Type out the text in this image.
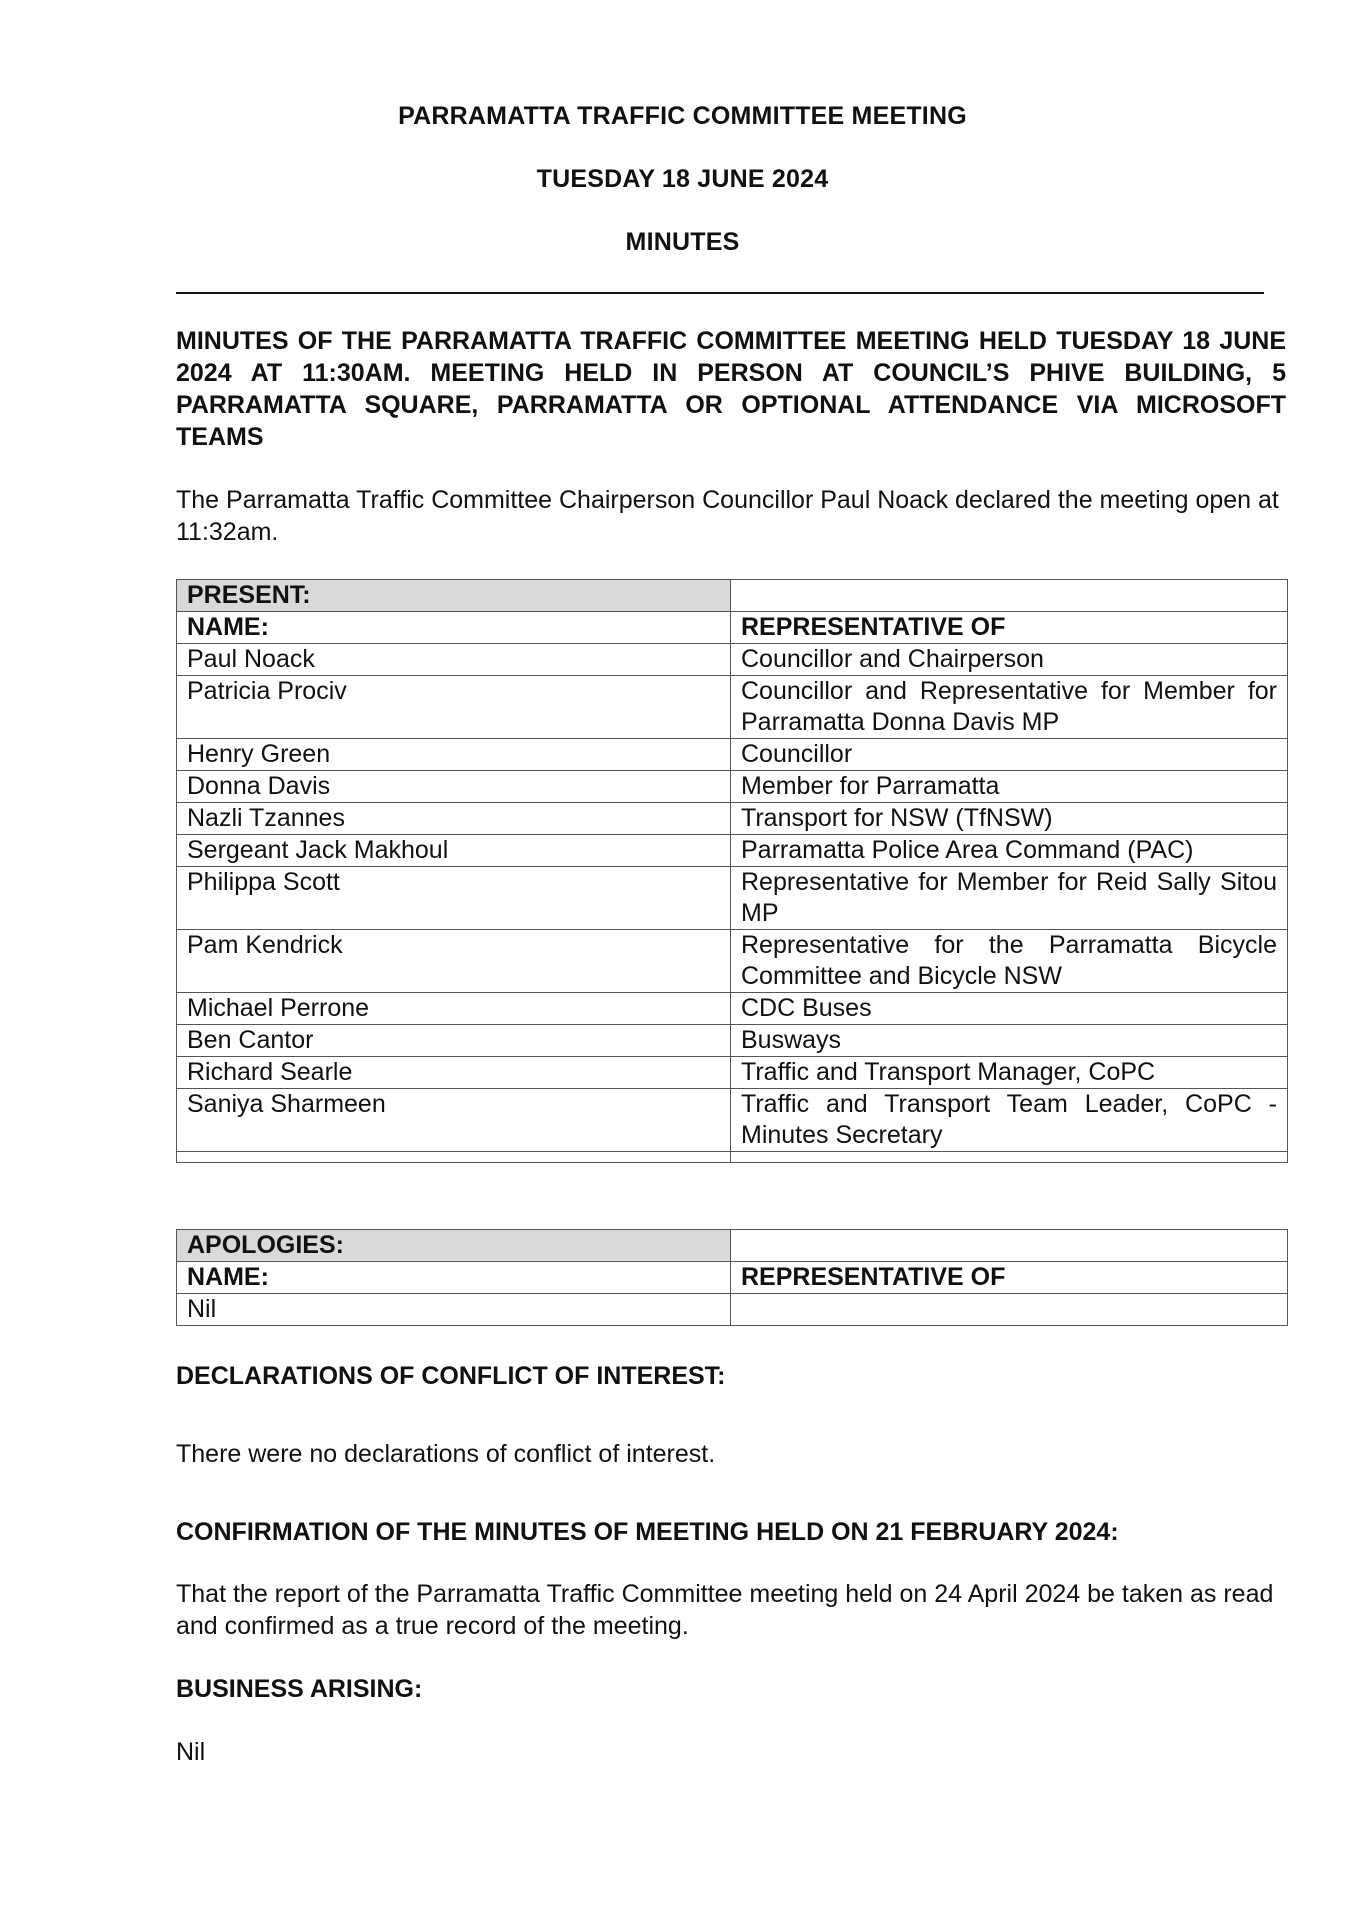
PARRAMATTA TRAFFIC COMMITTEE MEETING
TUESDAY 18 JUNE 2024
MINUTES
MINUTES OF THE PARRAMATTA TRAFFIC COMMITTEE MEETING HELD TUESDAY 18 JUNE 2024 AT 11:30AM. MEETING HELD IN PERSON AT COUNCIL’S PHIVE BUILDING, 5 PARRAMATTA SQUARE, PARRAMATTA OR OPTIONAL ATTENDANCE VIA MICROSOFT TEAMS
The Parramatta Traffic Committee Chairperson Councillor Paul Noack declared the meeting open at 11:32am.
PRESENT:	
NAME:	REPRESENTATIVE OF
Paul Noack	Councillor and Chairperson
Patricia Prociv	Councillor and Representative for Member for Parramatta Donna Davis MP
Henry Green	Councillor
Donna Davis	Member for Parramatta
Nazli Tzannes	Transport for NSW (TfNSW)
Sergeant Jack Makhoul	Parramatta Police Area Command (PAC)
Philippa Scott	Representative for Member for Reid Sally Sitou MP
Pam Kendrick	Representative for the Parramatta Bicycle Committee and Bicycle NSW
Michael Perrone	CDC Buses
Ben Cantor	Busways
Richard Searle	Traffic and Transport Manager, CoPC
Saniya Sharmeen	Traffic and Transport Team Leader, CoPC - Minutes Secretary

APOLOGIES:	
NAME:	REPRESENTATIVE OF
Nil	
DECLARATIONS OF CONFLICT OF INTEREST:
There were no declarations of conflict of interest.
CONFIRMATION OF THE MINUTES OF MEETING HELD ON 21 FEBRUARY 2024:
That the report of the Parramatta Traffic Committee meeting held on 24 April 2024 be taken as read and confirmed as a true record of the meeting.
BUSINESS ARISING:
Nil
